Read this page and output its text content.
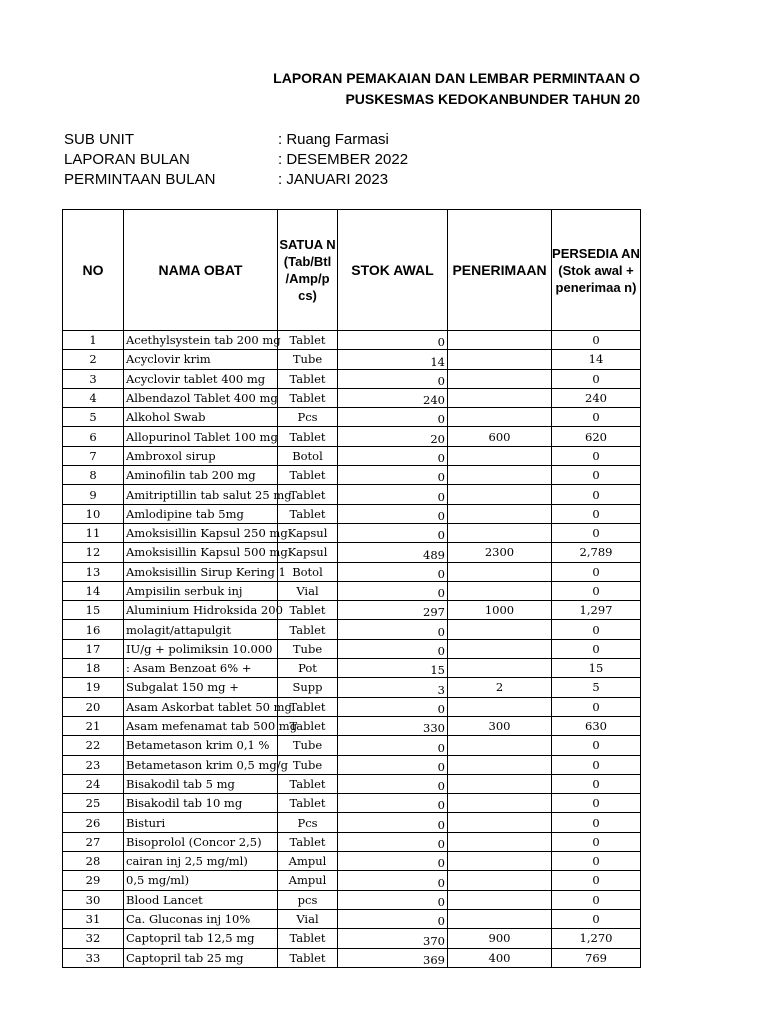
LAPORAN PEMAKAIAN DAN LEMBAR PERMINTAAN O
PUSKESMAS KEDOKANBUNDER TAHUN 20
SUB UNIT	: Ruang Farmasi
LAPORAN BULAN	: DESEMBER 2022
PERMINTAAN BULAN	: JANUARI 2023
NO	NAMA OBAT	SATUA N (Tab/Btl /Amp/p cs)	STOK AWAL	PENERIMAAN	PERSEDIA AN (Stok awal + penerimaa n)
1	Acethylsystein tab 200 mg	Tablet	0		0
2	Acyclovir krim	Tube	14		14
3	Acyclovir tablet 400 mg	Tablet	0		0
4	Albendazol Tablet 400 mg	Tablet	240		240
5	Alkohol Swab	Pcs	0		0
6	Allopurinol Tablet 100 mg	Tablet	20	600	620
7	Ambroxol sirup	Botol	0		0
8	Aminofilin tab 200 mg	Tablet	0		0
9	Amitriptillin tab salut 25 mg	Tablet	0		0
10	Amlodipine tab 5mg	Tablet	0		0
11	Amoksisillin Kapsul 250 mg	Kapsul	0		0
12	Amoksisillin Kapsul 500 mg	Kapsul	489	2300	2,789
13	Amoksisillin Sirup Kering 1	Botol	0		0
14	Ampisilin serbuk inj	Vial	0		0
15	Aluminium Hidroksida 200	Tablet	297	1000	1,297
16	molagit/attapulgit	Tablet	0		0
17	IU/g + polimiksin 10.000	Tube	0		0
18	: Asam Benzoat 6% +	Pot	15		15
19	Subgalat 150 mg +	Supp	3	2	5
20	Asam Askorbat tablet 50 mg	Tablet	0		0
21	Asam mefenamat tab 500 mg	Tablet	330	300	630
22	Betametason krim 0,1 %	Tube	0		0
23	Betametason krim 0,5 mg/g	Tube	0		0
24	Bisakodil tab 5 mg	Tablet	0		0
25	Bisakodil tab 10 mg	Tablet	0		0
26	Bisturi	Pcs	0		0
27	Bisoprolol (Concor 2,5)	Tablet	0		0
28	cairan inj 2,5 mg/ml)	Ampul	0		0
29	0,5 mg/ml)	Ampul	0		0
30	Blood Lancet	pcs	0		0
31	Ca. Gluconas inj 10%	Vial	0		0
32	Captopril tab 12,5 mg	Tablet	370	900	1,270
33	Captopril tab 25 mg	Tablet	369	400	769
